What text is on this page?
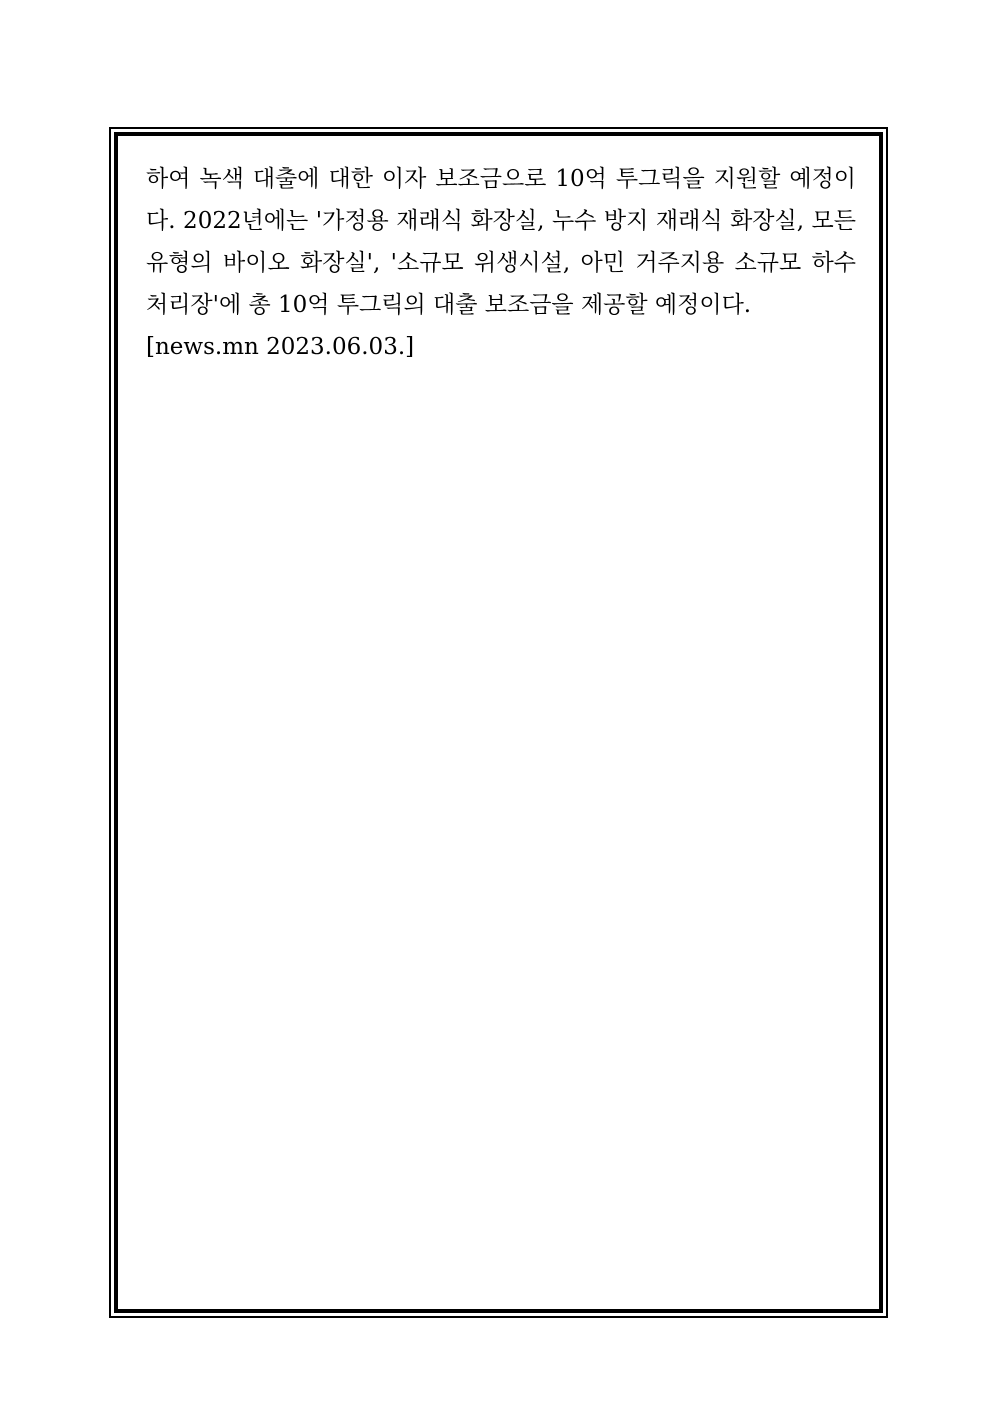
하여 녹색 대출에 대한 이자 보조금으로 10억 투그릭을 지원할 예정이
다. 2022년에는 '가정용 재래식 화장실, 누수 방지 재래식 화장실, 모든
유형의 바이오 화장실', '소규모 위생시설, 아민 거주지용 소규모 하수
처리장'에 총 10억 투그릭의 대출 보조금을 제공할 예정이다.

[news.mn 2023.06.03.]
